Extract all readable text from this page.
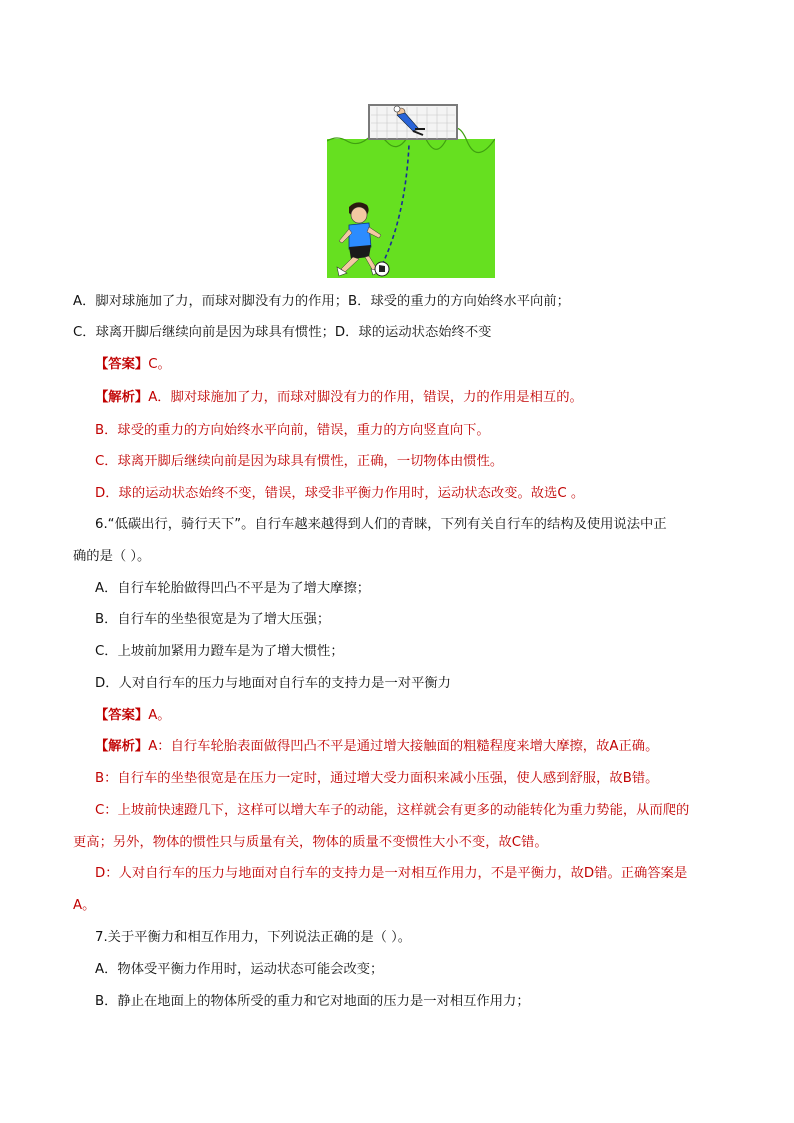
A．脚对球施加了力，而球对脚没有力的作用；B．球受的重力的方向始终水平向前；
C．球离开脚后继续向前是因为球具有惯性；D．球的运动状态始终不变
【答案】C。
【解析】A．脚对球施加了力，而球对脚没有力的作用，错误，力的作用是相互的。
B．球受的重力的方向始终水平向前，错误，重力的方向竖直向下。
C．球离开脚后继续向前是因为球具有惯性，正确，一切物体由惯性。
D．球的运动状态始终不变，错误，球受非平衡力作用时，运动状态改变。故选C 。
6.“低碳出行，骑行天下”。自行车越来越得到人们的青睐，下列有关自行车的结构及使用说法中正
确的是（ ）。
A．自行车轮胎做得凹凸不平是为了增大摩擦；
B．自行车的坐垫很宽是为了增大压强；
C．上坡前加紧用力蹬车是为了增大惯性；
D．人对自行车的压力与地面对自行车的支持力是一对平衡力
【答案】A。
【解析】A：自行车轮胎表面做得凹凸不平是通过增大接触面的粗糙程度来增大摩擦，故A正确。
B：自行车的坐垫很宽是在压力一定时，通过增大受力面积来减小压强，使人感到舒服，故B错。
C：上坡前快速蹬几下，这样可以增大车子的动能，这样就会有更多的动能转化为重力势能，从而爬的
更高；另外，物体的惯性只与质量有关，物体的质量不变惯性大小不变，故C错。
D：人对自行车的压力与地面对自行车的支持力是一对相互作用力，不是平衡力，故D错。正确答案是
A。
7.关于平衡力和相互作用力，下列说法正确的是（ ）。
A．物体受平衡力作用时，运动状态可能会改变；
B．静止在地面上的物体所受的重力和它对地面的压力是一对相互作用力；
